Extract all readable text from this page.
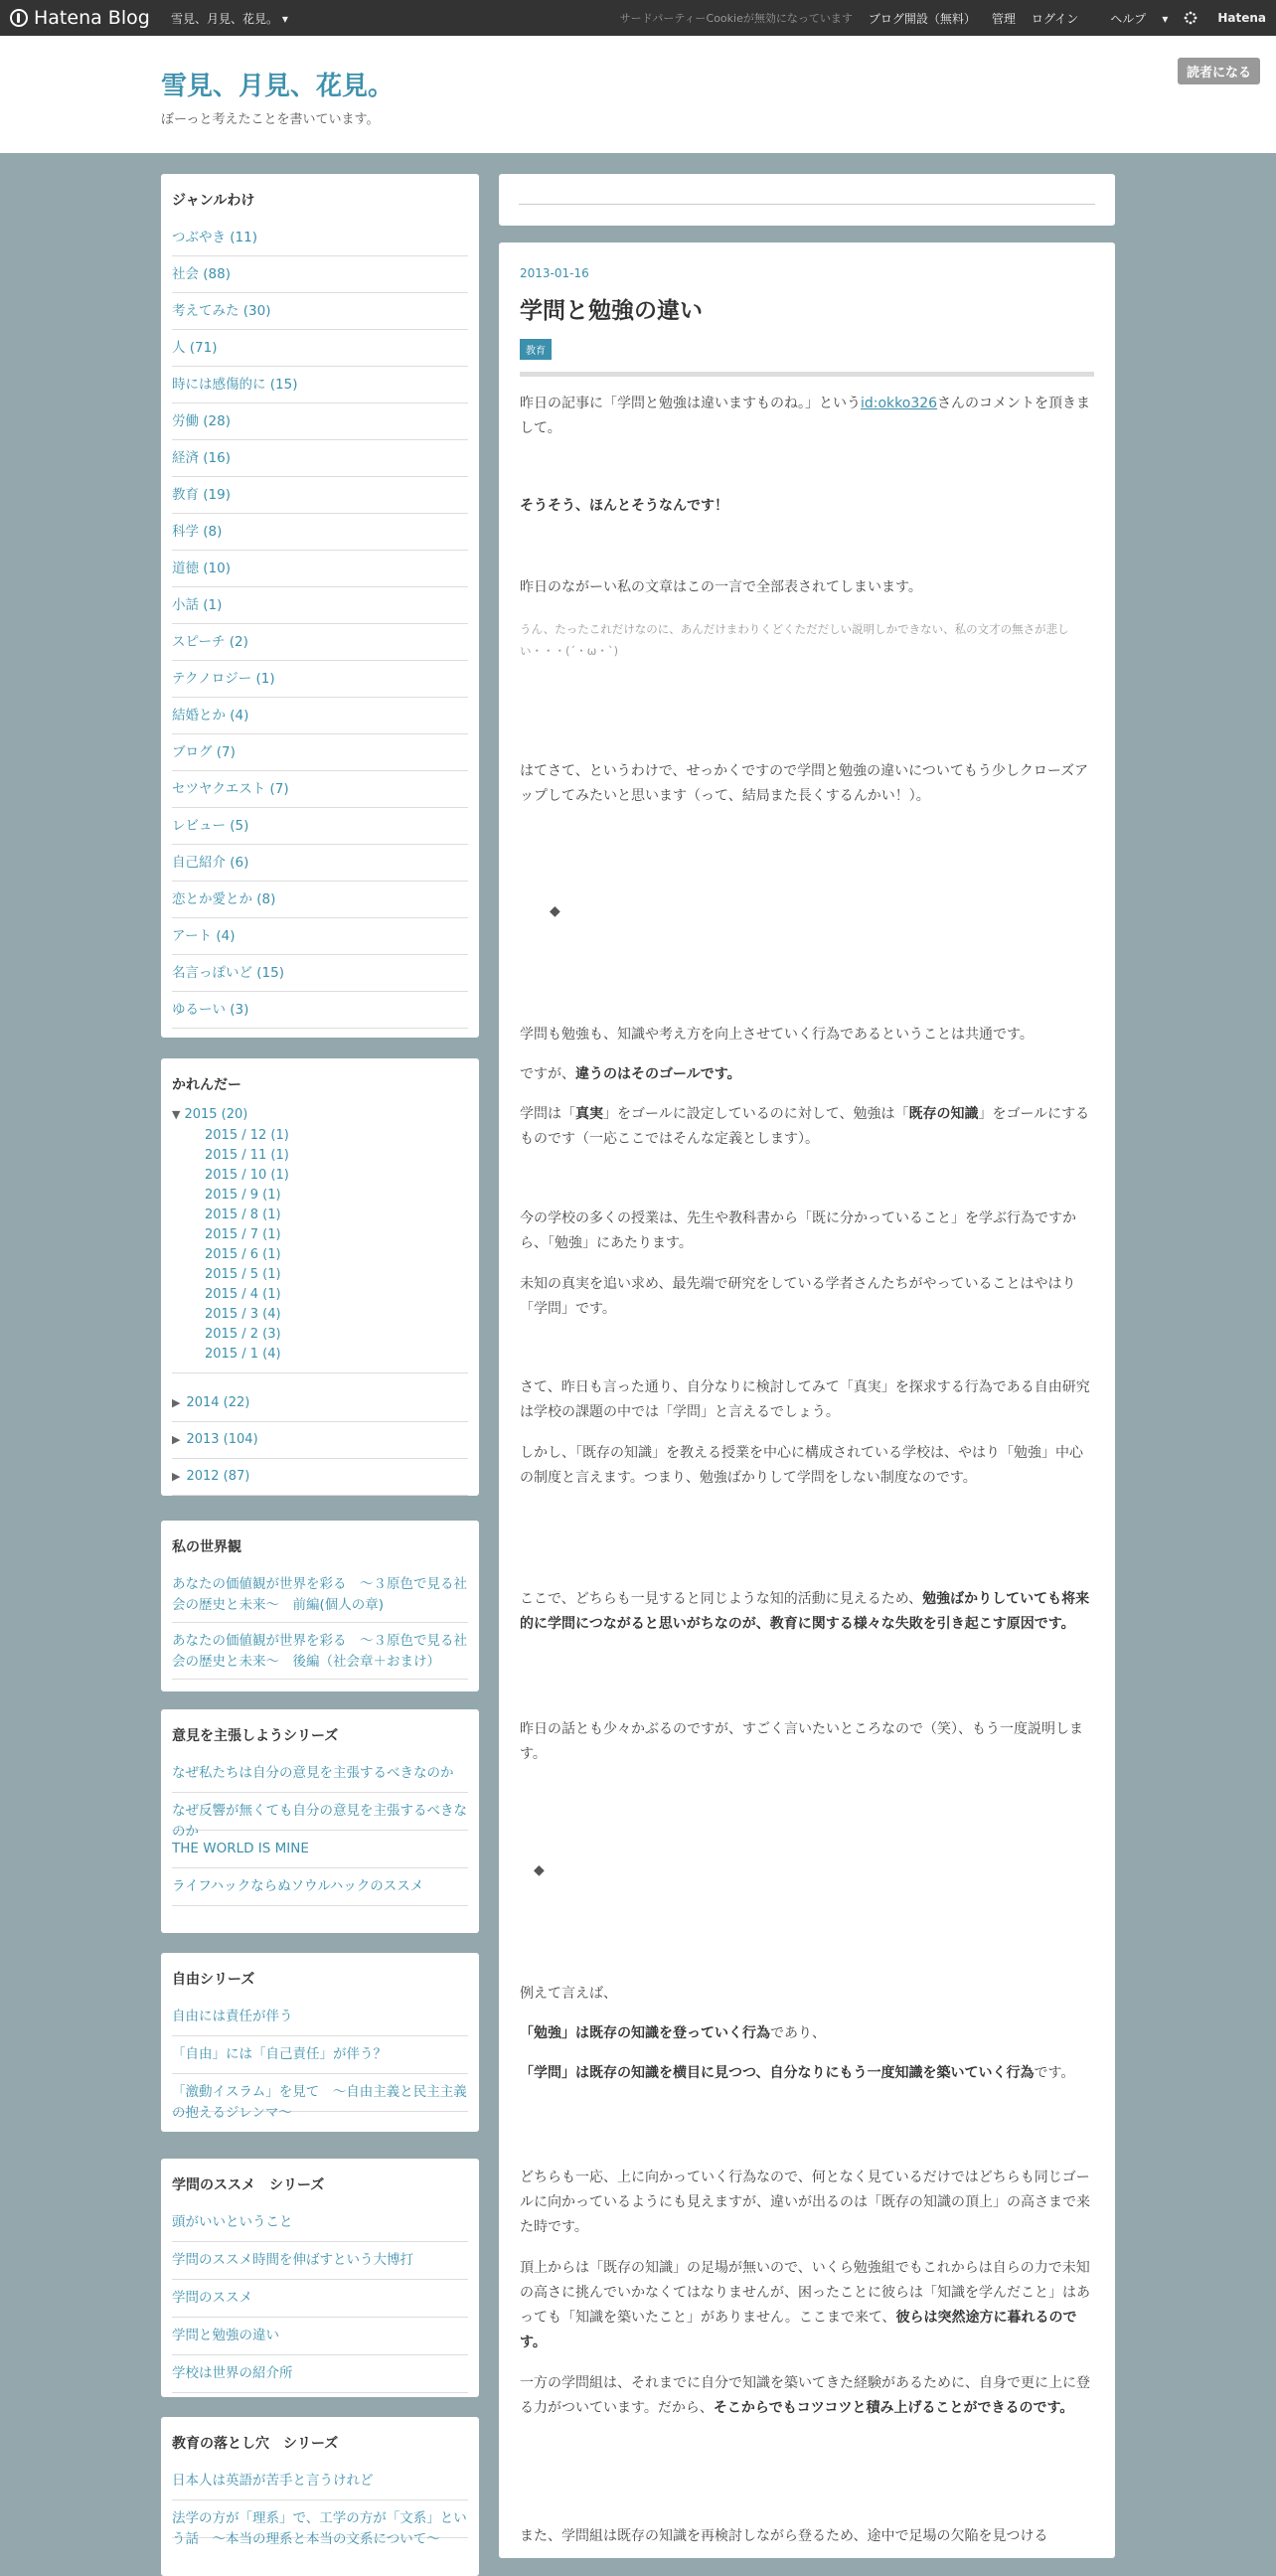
Hatena Blog 雪見、月見、花見。 ▾	サードパーティーCookieが無効になっています ブログ開設（無料） 管理 ログイン	ヘルプ ▾	Hatena
雪見、月見、花見。
ぼーっと考えたことを書いています。
読者になる
ジャンルわけ
つぶやき (11)
社会 (88)
考えてみた (30)
人 (71)
時には感傷的に (15)
労働 (28)
経済 (16)
教育 (19)
科学 (8)
道徳 (10)
小話 (1)
スピーチ (2)
テクノロジー (1)
結婚とか (4)
ブログ (7)
セツヤクエスト (7)
レビュー (5)
自己紹介 (6)
恋とか愛とか (8)
アート (4)
名言っぽいど (15)
ゆるーい (3)
かれんだー
▼ 2015 (20)
2015 / 12 (1)
2015 / 11 (1)
2015 / 10 (1)
2015 / 9 (1)
2015 / 8 (1)
2015 / 7 (1)
2015 / 6 (1)
2015 / 5 (1)
2015 / 4 (1)
2015 / 3 (4)
2015 / 2 (3)
2015 / 1 (4)
▶ 2014 (22)
▶ 2013 (104)
▶ 2012 (87)
私の世界観
あなたの価値観が世界を彩る　～３原色で見る社会の歴史と未来～　前編(個人の章)
あなたの価値観が世界を彩る　～３原色で見る社会の歴史と未来～　後編（社会章＋おまけ）
意見を主張しようシリーズ
なぜ私たちは自分の意見を主張するべきなのか
なぜ反響が無くても自分の意見を主張するべきなのか
THE WORLD IS MINE
ライフハックならぬソウルハックのススメ
自由シリーズ
自由には責任が伴う
「自由」には「自己責任」が伴う？
「激動イスラム」を見て　～自由主義と民主主義の抱えるジレンマ～
学問のススメ　シリーズ
頭がいいということ
学問のススメ時間を伸ばすという大博打
学問のススメ
学問と勉強の違い
学校は世界の紹介所
教育の落とし穴　シリーズ
日本人は英語が苦手と言うけれど
法学の方が「理系」で、工学の方が「文系」という話　～本当の理系と本当の文系について～
2013-01-16
学問と勉強の違い
教育
昨日の記事に「学問と勉強は違いますものね。」というid:okko326さんのコメントを頂きまして。
そうそう、ほんとそうなんです！
昨日のながーい私の文章はこの一言で全部表されてしまいます。
うん、たったこれだけなのに、あんだけまわりくどくただだしい説明しかできない、私の文才の無さが悲しい・・・(´・ω・`)
はてさて、というわけで、せっかくですので学問と勉強の違いについてもう少しクローズアップしてみたいと思います（って、結局また長くするんかい！）。
◆
学問も勉強も、知識や考え方を向上させていく行為であるということは共通です。
ですが、違うのはそのゴールです。
学問は「真実」をゴールに設定しているのに対して、勉強は「既存の知識」をゴールにするものです（一応ここではそんな定義とします）。
今の学校の多くの授業は、先生や教科書から「既に分かっていること」を学ぶ行為ですから、「勉強」にあたります。
未知の真実を追い求め、最先端で研究をしている学者さんたちがやっていることはやはり「学問」です。
さて、昨日も言った通り、自分なりに検討してみて「真実」を探求する行為である自由研究は学校の課題の中では「学問」と言えるでしょう。
しかし、「既存の知識」を教える授業を中心に構成されている学校は、やはり「勉強」中心の制度と言えます。つまり、勉強ばかりして学問をしない制度なのです。
ここで、どちらも一見すると同じような知的活動に見えるため、勉強ばかりしていても将来的に学問につながると思いがちなのが、教育に関する様々な失敗を引き起こす原因です。
昨日の話とも少々かぶるのですが、すごく言いたいところなので（笑）、もう一度説明します。
◆
例えて言えば、
「勉強」は既存の知識を登っていく行為であり、
「学問」は既存の知識を横目に見つつ、自分なりにもう一度知識を築いていく行為です。
どちらも一応、上に向かっていく行為なので、何となく見ているだけではどちらも同じゴールに向かっているようにも見えますが、違いが出るのは「既存の知識の頂上」の高さまで来た時です。
頂上からは「既存の知識」の足場が無いので、いくら勉強組でもこれからは自らの力で未知の高さに挑んでいかなくてはなりませんが、困ったことに彼らは「知識を学んだこと」はあっても「知識を築いたこと」がありません。ここまで来て、彼らは突然途方に暮れるのです。
一方の学問組は、それまでに自分で知識を築いてきた経験があるために、自身で更に上に登る力がついています。だから、そこからでもコツコツと積み上げることができるのです。
また、学問組は既存の知識を再検討しながら登るため、途中で足場の欠陥を見つける
